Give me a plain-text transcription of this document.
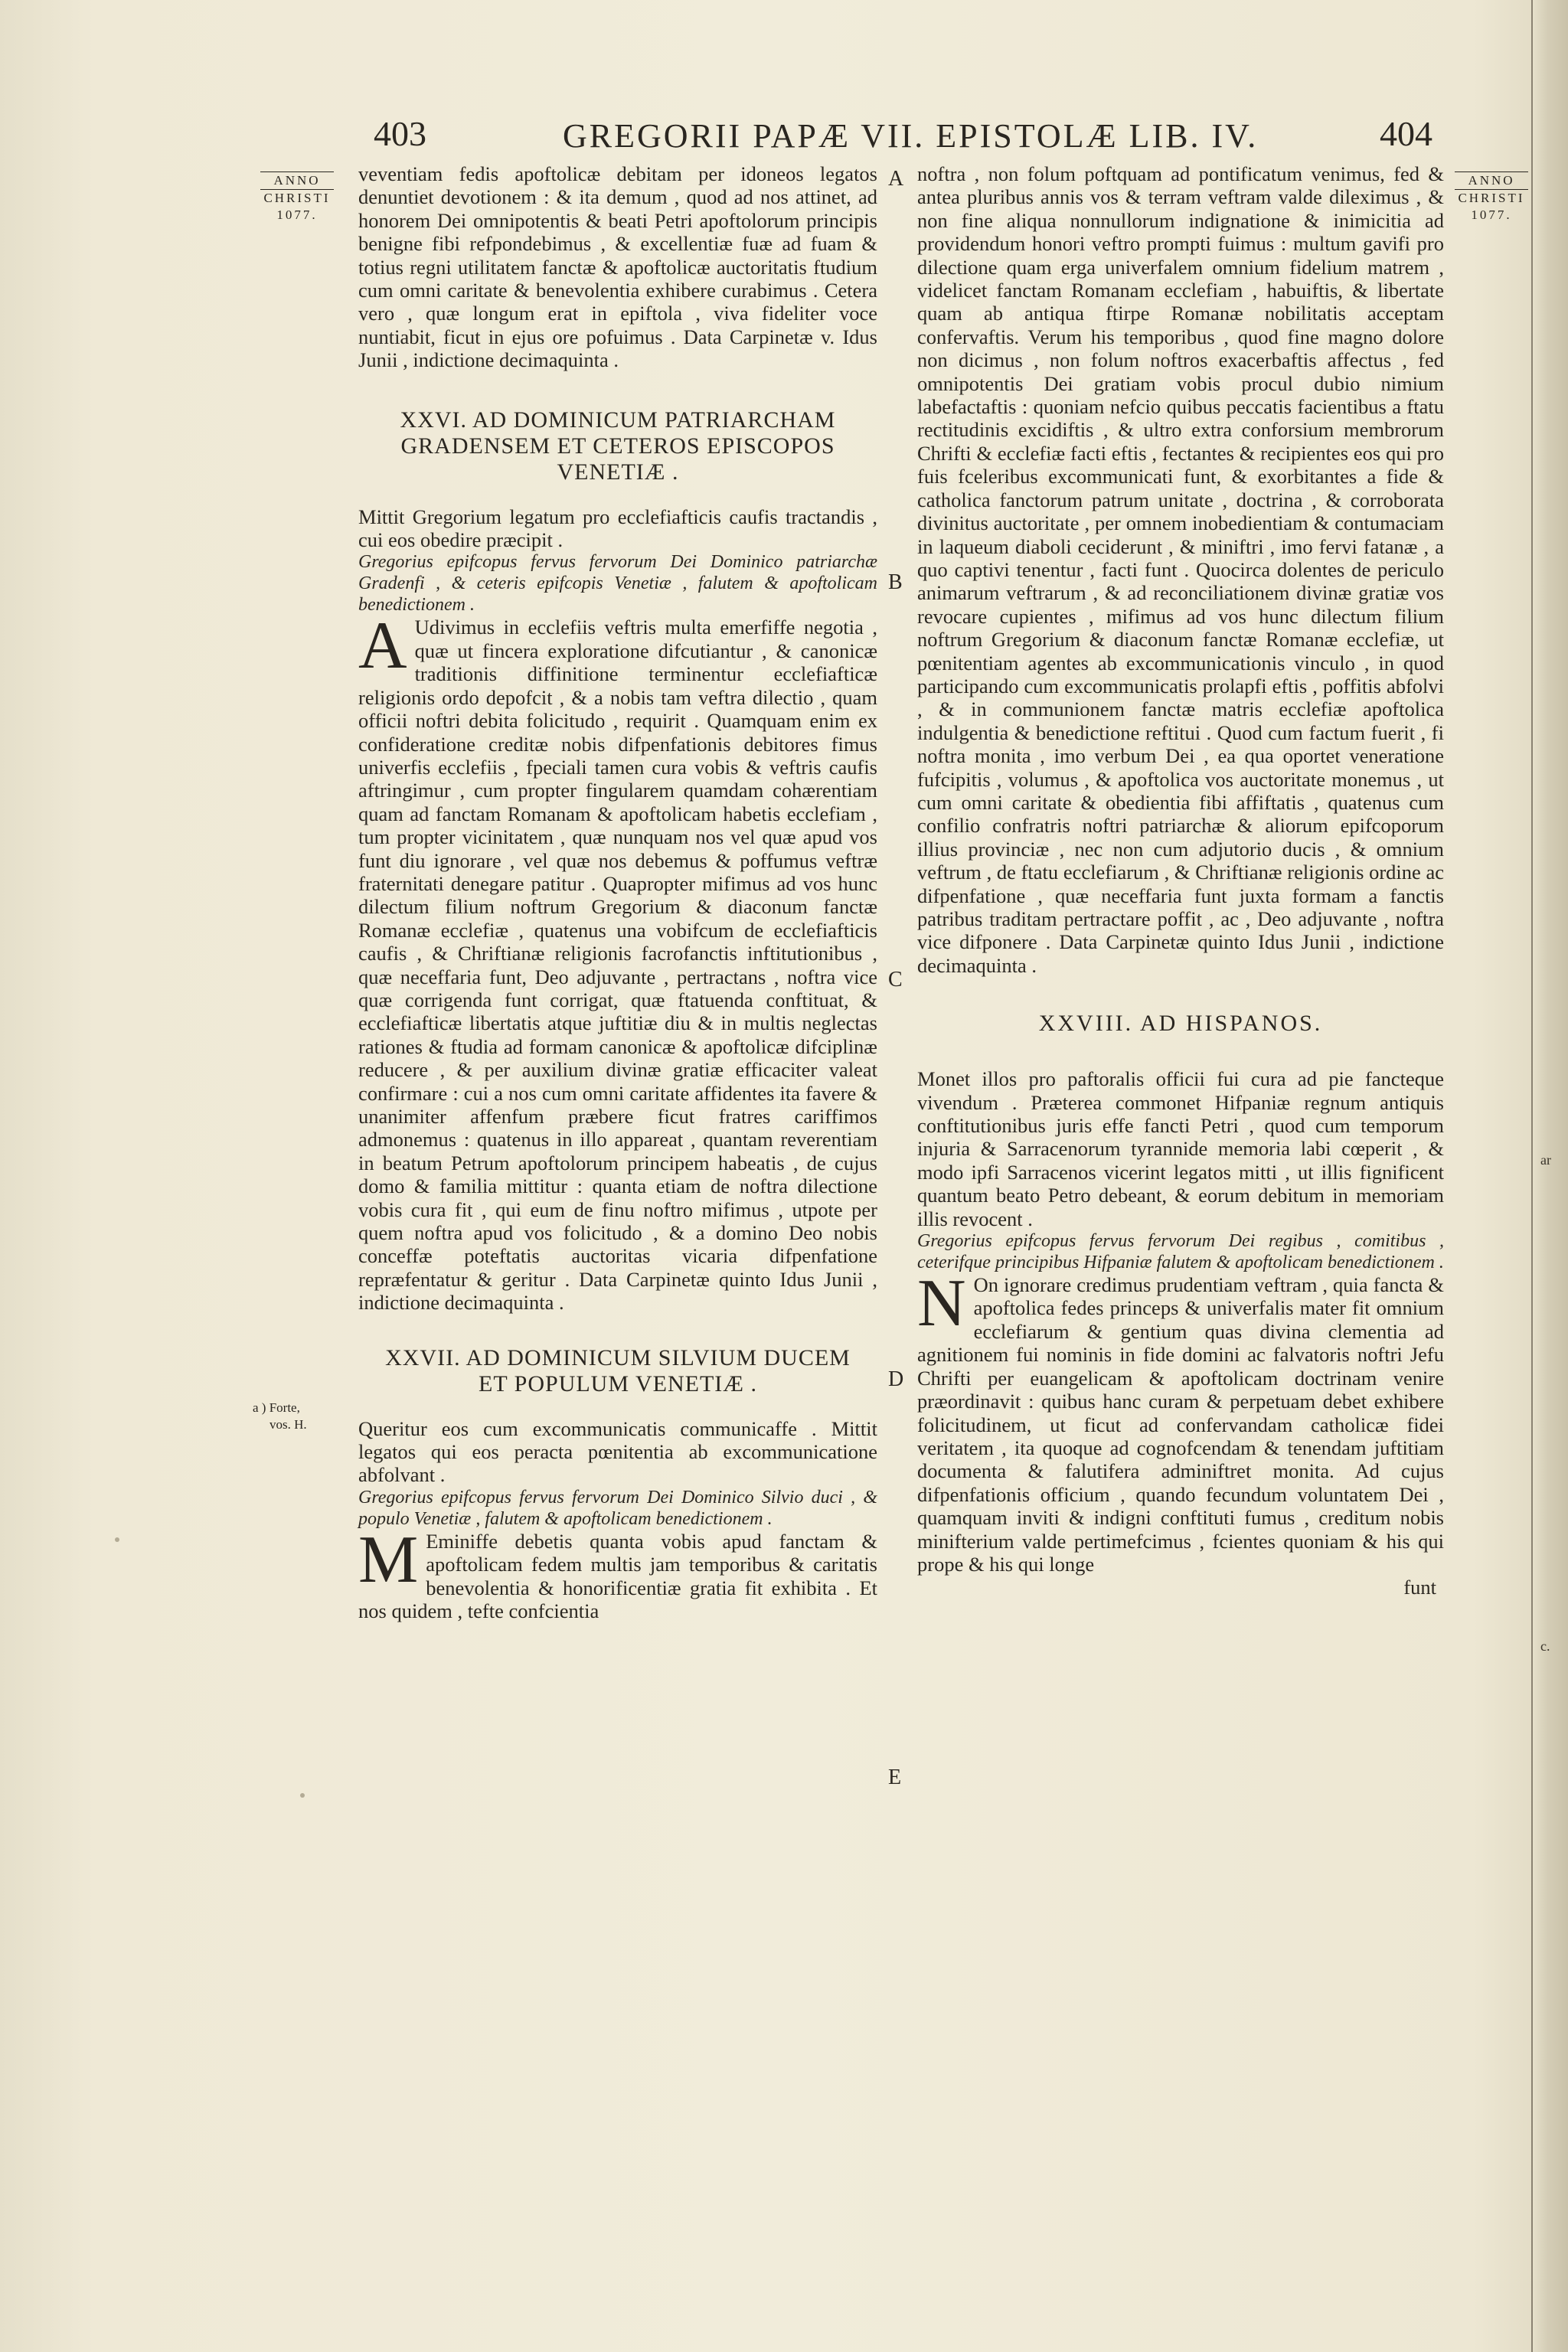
403	GREGORII PAPÆ VII. EPISTOLÆ LIB. IV.	404
ANNO
CHRISTI
1077.
ANNO
CHRISTI
1077.
A
B
C
D
E
a ) Forte,
vos. H.
ar
c.

veventiam fedis apoftolicæ debitam per idoneos legatos denuntiet devotionem : & ita demum , quod ad nos attinet, ad honorem Dei omnipotentis & beati Petri apoftolorum principis benigne fibi refpondebimus , & excellentiæ fuæ ad fuam & totius regni utilitatem fanctæ & apoftolicæ auctoritatis ftudium cum omni caritate & benevolentia exhibere curabimus . Cetera vero , quæ longum erat in epiftola , viva fideliter voce nuntiabit, ficut in ejus ore pofuimus . Data Carpinetæ v. Idus Junii , indictione decimaquinta .

XXVI. AD DOMINICUM PATRIARCHAM GRADENSEM ET CETEROS EPISCOPOS VENETIÆ .

Mittit Gregorium legatum pro ecclefiafticis caufis tractandis , cui eos obedire præcipit .

Gregorius epifcopus fervus fervorum Dei Dominico patriarchæ Gradenfi , & ceteris epifcopis Venetiæ , falutem & apoftolicam benedictionem .

A Udivimus in ecclefiis veftris multa emerfiffe negotia , quæ ut fincera exploratione difcutiantur , & canonicæ traditionis diffinitione terminentur ecclefiafticæ religionis ordo depofcit , & a nobis tam veftra dilectio , quam officii noftri debita folicitudo , requirit . Quamquam enim ex confideratione creditæ nobis difpenfationis debitores fimus univerfis ecclefiis , fpeciali tamen cura vobis & veftris caufis aftringimur , cum propter fingularem quamdam cohærentiam quam ad fanctam Romanam & apoftolicam habetis ecclefiam , tum propter vicinitatem , quæ nunquam nos vel quæ apud vos funt diu ignorare , vel quæ nos debemus & poffumus veftræ fraternitati denegare patitur . Quapropter mifimus ad vos hunc dilectum filium noftrum Gregorium & diaconum fanctæ Romanæ ecclefiæ , quatenus una vobifcum de ecclefiafticis caufis , & Chriftianæ religionis facrofanctis inftitutionibus , quæ neceffaria funt, Deo adjuvante , pertractans , noftra vice quæ corrigenda funt corrigat, quæ ftatuenda conftituat, & ecclefiafticæ libertatis atque juftitiæ diu & in multis neglectas rationes & ftudia ad formam canonicæ & apoftolicæ difciplinæ reducere , & per auxilium divinæ gratiæ efficaciter valeat confirmare : cui a nos cum omni caritate affidentes ita favere & unanimiter affenfum præbere ficut fratres cariffimos admonemus : quatenus in illo appareat , quantam reverentiam in beatum Petrum apoftolorum principem habeatis , de cujus domo & familia mittitur : quanta etiam de noftra dilectione vobis cura fit , qui eum de finu noftro mifimus , utpote per quem noftra apud vos folicitudo , & a domino Deo nobis conceffæ poteftatis auctoritas vicaria difpenfatione repræfentatur & geritur . Data Carpinetæ quinto Idus Junii , indictione decimaquinta .

XXVII. AD DOMINICUM SILVIUM DUCEM ET POPULUM VENETIÆ .

Queritur eos cum excommunicatis communicaffe . Mittit legatos qui eos peracta pœnitentia ab excommunicatione abfolvant .

Gregorius epifcopus fervus fervorum Dei Dominico Silvio duci , & populo Venetiæ , falutem & apoftolicam benedictionem .

M Eminiffe debetis quanta vobis apud fanctam & apoftolicam fedem multis jam temporibus & caritatis benevolentia & honorificentiæ gratia fit exhibita . Et nos quidem , tefte confcientia

noftra , non folum poftquam ad pontificatum venimus, fed & antea pluribus annis vos & terram veftram valde dileximus , & non fine aliqua nonnullorum indignatione & inimicitia ad providendum honori veftro prompti fuimus : multum gavifi pro dilectione quam erga univerfalem omnium fidelium matrem , videlicet fanctam Romanam ecclefiam , habuiftis, & libertate quam ab antiqua ftirpe Romanæ nobilitatis acceptam confervaftis. Verum his temporibus , quod fine magno dolore non dicimus , non folum noftros exacerbaftis affectus , fed omnipotentis Dei gratiam vobis procul dubio nimium labefactaftis : quoniam nefcio quibus peccatis facientibus a ftatu rectitudinis excidiftis , & ultro extra conforsium membrorum Chrifti & ecclefiæ facti eftis , fectantes & recipientes eos qui pro fuis fceleribus excommunicati funt, & exorbitantes a fide & catholica fanctorum patrum unitate , doctrina , & corroborata divinitus auctoritate , per omnem inobedientiam & contumaciam in laqueum diaboli ceciderunt , & miniftri , imo fervi fatanæ , a quo captivi tenentur , facti funt . Quocirca dolentes de periculo animarum veftrarum , & ad reconciliationem divinæ gratiæ vos revocare cupientes , mifimus ad vos hunc dilectum filium noftrum Gregorium & diaconum fanctæ Romanæ ecclefiæ, ut pœnitentiam agentes ab excommunicationis vinculo , in quod participando cum excommunicatis prolapfi eftis , poffitis abfolvi , & in communionem fanctæ matris ecclefiæ apoftolica indulgentia & benedictione reftitui . Quod cum factum fuerit , fi noftra monita , imo verbum Dei , ea qua oportet veneratione fufcipitis , volumus , & apoftolica vos auctoritate monemus , ut cum omni caritate & obedientia fibi affiftatis , quatenus cum confilio confratris noftri patriarchæ & aliorum epifcoporum illius provinciæ , nec non cum adjutorio ducis , & omnium veftrum , de ftatu ecclefiarum , & Chriftianæ religionis ordine ac difpenfatione , quæ neceffaria funt juxta formam a fanctis patribus traditam pertractare poffit , ac , Deo adjuvante , noftra vice difponere . Data Carpinetæ quinto Idus Junii , indictione decimaquinta .

XXVIII. AD HISPANOS.

Monet illos pro paftoralis officii fui cura ad pie fancteque vivendum . Præterea commonet Hifpaniæ regnum antiquis conftitutionibus juris effe fancti Petri , quod cum temporum injuria & Sarracenorum tyrannide memoria labi cœperit , & modo ipfi Sarracenos vicerint legatos mitti , ut illis fignificent quantum beato Petro debeant, & eorum debitum in memoriam illis revocent .

Gregorius epifcopus fervus fervorum Dei regibus , comitibus , ceterifque principibus Hifpaniæ falutem & apoftolicam benedictionem .

N On ignorare credimus prudentiam veftram , quia fancta & apoftolica fedes princeps & univerfalis mater fit omnium ecclefiarum & gentium quas divina clementia ad agnitionem fui nominis in fide domini ac falvatoris noftri Jefu Chrifti per euangelicam & apoftolicam doctrinam venire præordinavit : quibus hanc curam & perpetuam debet exhibere folicitudinem, ut ficut ad confervandam catholicæ fidei veritatem , ita quoque ad cognofcendam & tenendam juftitiam documenta & falutifera adminiftret monita. Ad cujus difpenfationis officium , quando fecundum voluntatem Dei , quamquam inviti & indigni conftituti fumus , creditum nobis minifterium valde pertimefcimus , fcientes quoniam & his qui prope & his qui longe

funt
